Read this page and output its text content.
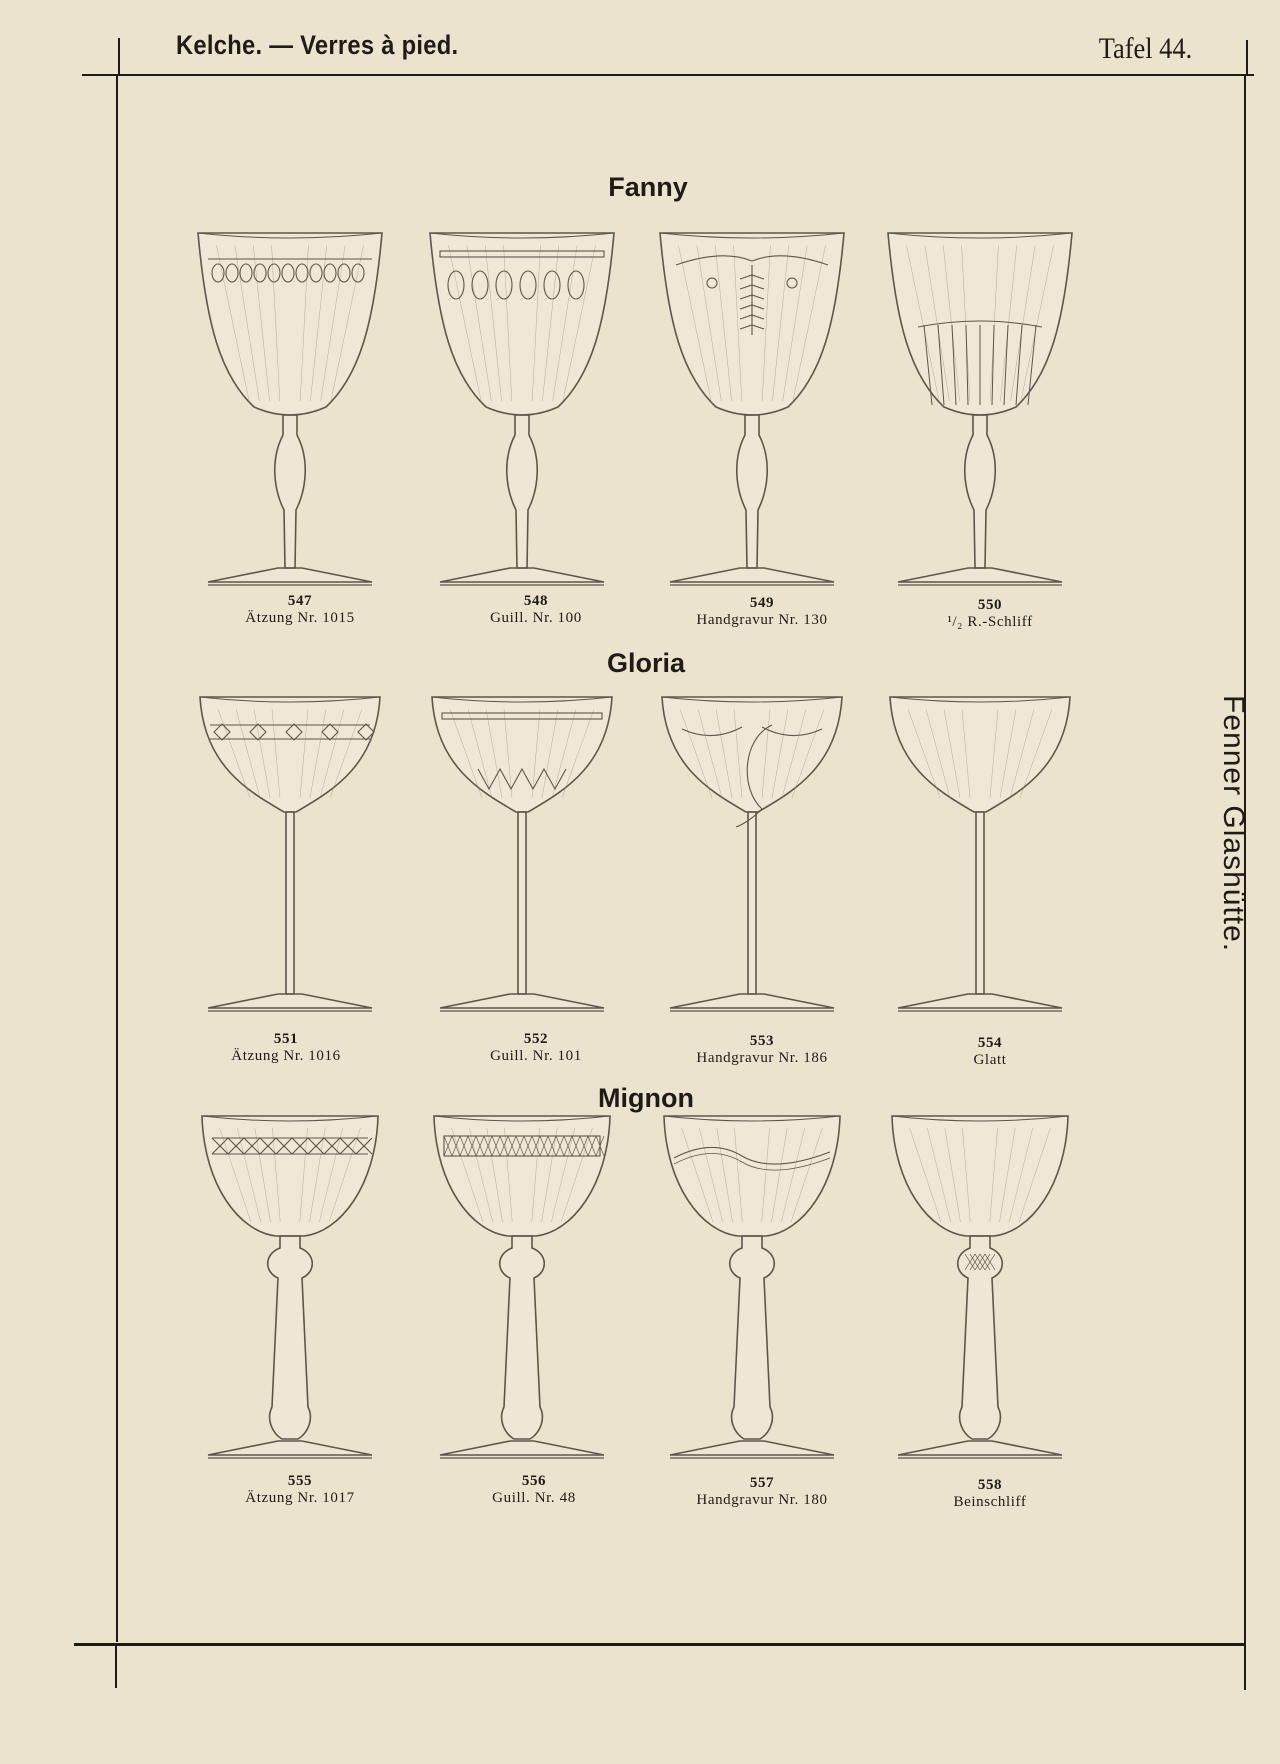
Kelche. — Verres à pied.	Tafel 44.
Fenner Glashütte.
Fanny
Gloria
Mignon
547
Ätzung Nr. 1015
548
Guill. Nr. 100
549
Handgravur Nr. 130
550
¹/₂ R.-Schliff
551
Ätzung Nr. 1016
552
Guill. Nr. 101
553
Handgravur Nr. 186
554
Glatt
555
Ätzung Nr. 1017
556
Guill. Nr. 48
557
Handgravur Nr. 180
558
Beinschliff
